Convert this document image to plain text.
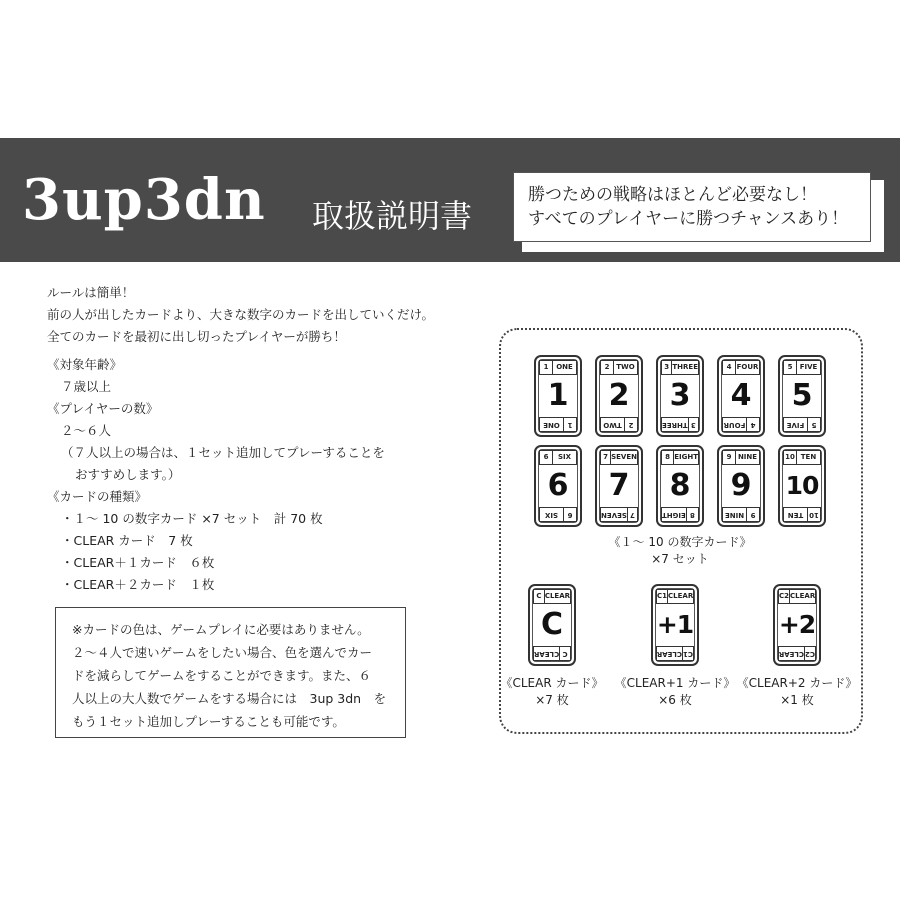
3up3dn 取扱説明書
勝つための戦略はほとんど必要なし！
すべてのプレイヤーに勝つチャンスあり！
ルールは簡単！
前の人が出したカードより、大きな数字のカードを出していくだけ。
全てのカードを最初に出し切ったプレイヤーが勝ち！
《対象年齢》
７歳以上
《プレイヤーの数》
２～６人
（７人以上の場合は、１セット追加してプレーすることを
おすすめします。）
《カードの種類》
・１～ 10 の数字カード ×7 セット　計 70 枚
・CLEAR カード　7 枚
・CLEAR＋１カード　６枚
・CLEAR＋２カード　１枚
※カードの色は、ゲームプレイに必要はありません。
２～４人で速いゲームをしたい場合、色を選んでカー
ドを減らしてゲームをすることができます。また、６
人以上の大人数でゲームをする場合には　3up 3dn　を
もう１セット追加しプレーすることも可能です。
1	ONE
1
ONE
1
2 TWO
2
TWO
2
3 THREE
3
THREE
3
4 FOUR
4
FOUR
4
5	FIVE
5
FIVE
5
6	SIX
6
SIX
6
7 SEVEN
7
SEVEN
7
8 EIGHT
8
EIGHT
8
9 NINE
9
NINE
9
10 TEN
10
TEN
10
C CLEAR
C
CLEAR
C
《CLEAR カード》
×7 枚
C1 CLEAR
C1
CLEAR
+1
《CLEAR+1 カード》
×6 枚
C2 CLEAR
C2
CLEAR
+2
《CLEAR+2 カード》
×1 枚
《１～ 10 の数字カード》
×7 セット
